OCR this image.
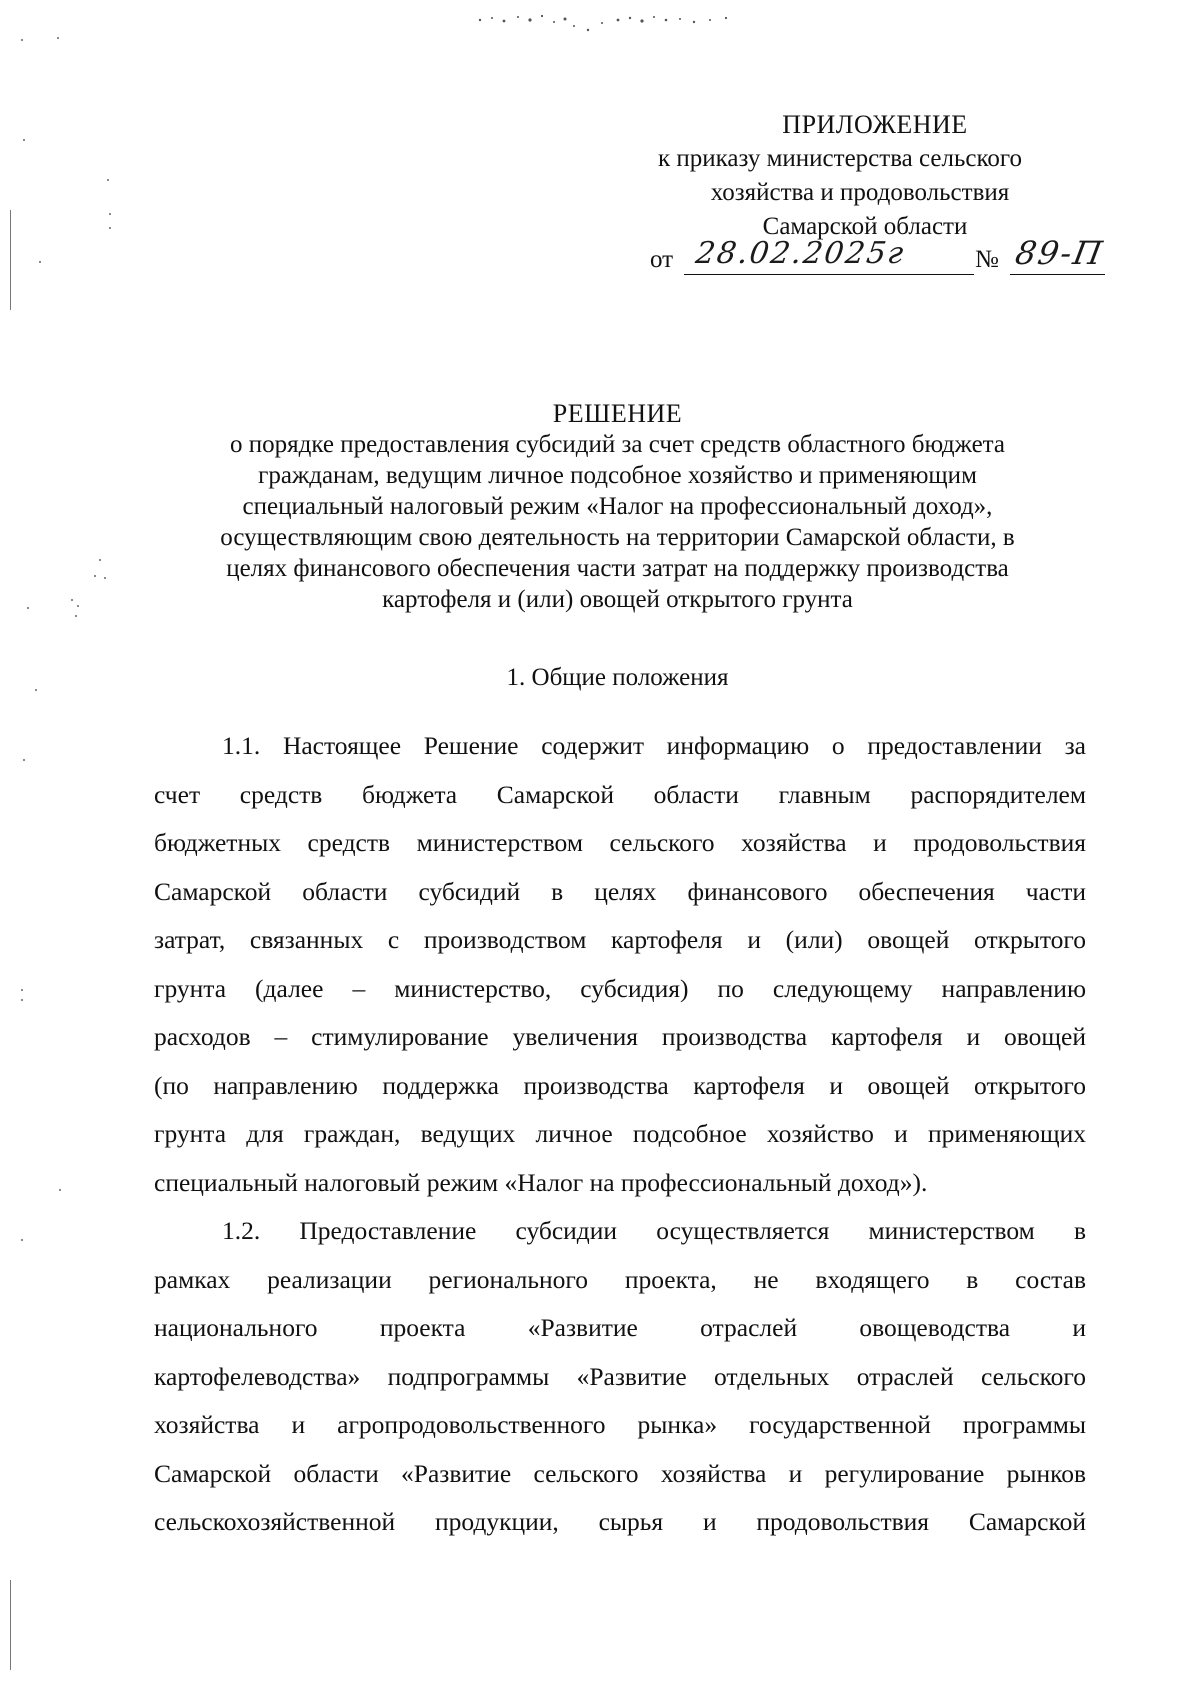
ПРИЛОЖЕНИЕ
к приказу министерства сельского
хозяйства и продовольствия
Самарской области
от 28.02.2025г	№ 89-П
РЕШЕНИЕ
о порядке предоставления субсидий за счет средств областного бюджета
гражданам, ведущим личное подсобное хозяйство и применяющим
специальный налоговый режим «Налог на профессиональный доход»,
осуществляющим свою деятельность на территории Самарской области, в
целях финансового обеспечения части затрат на поддержку производства
картофеля и (или) овощей открытого грунта
1. Общие положения
1.1. Настоящее Решение содержит информацию о предоставлении за
счет средств бюджета Самарской области главным распорядителем
бюджетных средств министерством сельского хозяйства и продовольствия
Самарской области субсидий в целях финансового обеспечения части
затрат, связанных с производством картофеля и (или) овощей открытого
грунта (далее – министерство, субсидия) по следующему направлению
расходов – стимулирование увеличения производства картофеля и овощей
(по направлению поддержка производства картофеля и овощей открытого
грунта для граждан, ведущих личное подсобное хозяйство и применяющих
специальный налоговый режим «Налог на профессиональный доход»).
1.2. Предоставление субсидии осуществляется министерством в
рамках реализации регионального проекта, не входящего в состав
национального проекта «Развитие отраслей овощеводства и
картофелеводства» подпрограммы «Развитие отдельных отраслей сельского
хозяйства и агропродовольственного рынка» государственной программы
Самарской области «Развитие сельского хозяйства и регулирование рынков
сельскохозяйственной продукции, сырья и продовольствия Самарской
